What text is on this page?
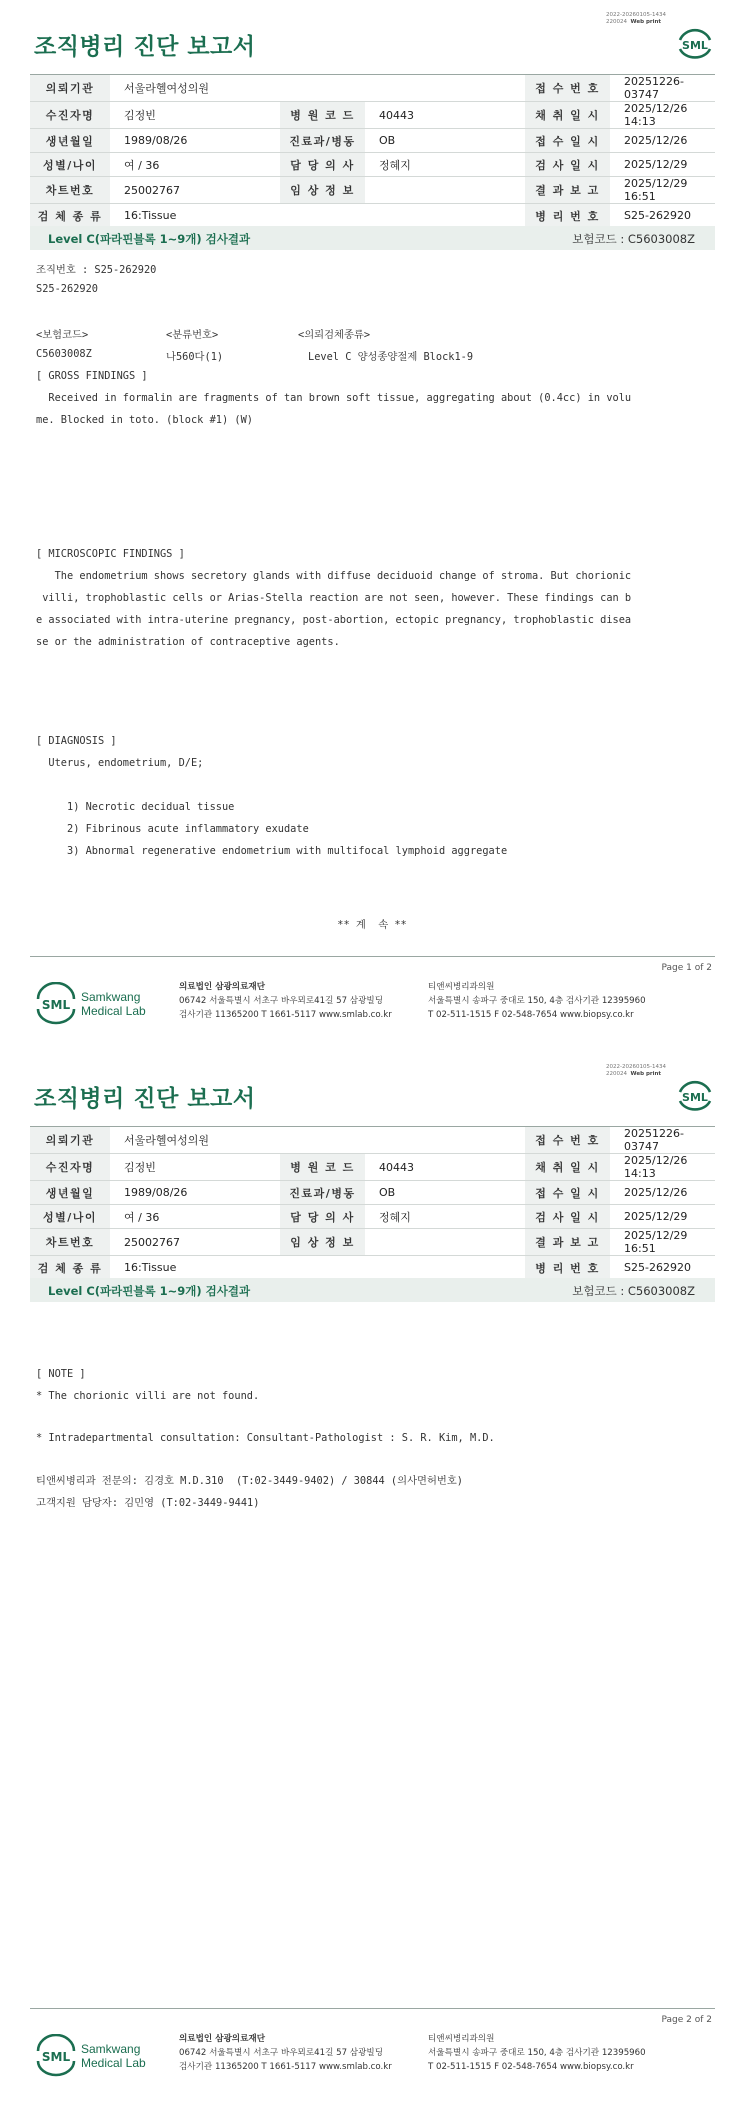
2022-20260105-1434
220024 Web print
조직병리 진단 보고서	SML
의뢰기관	서울라헬여성의원			접 수 번 호	20251226-03747
수진자명	김정빈	병 원 코 드	40443	채 취 일 시	2025/12/26 14:13
생년월일	1989/08/26	진료과/병동	OB	접 수 일 시	2025/12/26
성별/나이	여 / 36	담 당 의 사	정혜지	검 사 일 시	2025/12/29
차트번호	25002767	임 상 정 보		결 과 보 고	2025/12/29 16:51
검 체 종 류	16:Tissue			병 리 번 호	S25-262920
Level C(파라핀블록 1~9개) 검사결과	보험코드 : C5603008Z
조직번호 : S25-262920
S25-262920
<보험코드>	<분류번호>	<의뢰검체종류>
C5603008Z	나560다(1)	Level C 양성종양절제 Block1-9
[ GROSS FINDINGS ]
Received in formalin are fragments of tan brown soft tissue, aggregating about (0.4cc) in volu
me. Blocked in toto. (block #1) (W)
[ MICROSCOPIC FINDINGS ]
The endometrium shows secretory glands with diffuse deciduoid change of stroma. But chorionic
villi, trophoblastic cells or Arias-Stella reaction are not seen, however. These findings can b
e associated with intra-uterine pregnancy, post-abortion, ectopic pregnancy, trophoblastic disea
se or the administration of contraceptive agents.
[ DIAGNOSIS ]
Uterus, endometrium, D/E;
1) Necrotic decidual tissue
2) Fibrinous acute inflammatory exudate
3) Abnormal regenerative endometrium with multifocal lymphoid aggregate
** 계  속 **
Page 1 of 2
SML
Samkwang
Medical Lab
의료법인 삼광의료재단
06742 서울특별시 서초구 바우뫼로41길 57 삼광빌딩
검사기관 11365200 T 1661-5117 www.smlab.co.kr
티앤씨병리과의원
서울특별시 송파구 중대로 150, 4층 검사기관 12395960
T 02-511-1515 F 02-548-7654 www.biopsy.co.kr
2022-20260105-1434
220024 Web print
조직병리 진단 보고서	SML
의뢰기관	서울라헬여성의원			접 수 번 호	20251226-03747
수진자명	김정빈	병 원 코 드	40443	채 취 일 시	2025/12/26 14:13
생년월일	1989/08/26	진료과/병동	OB	접 수 일 시	2025/12/26
성별/나이	여 / 36	담 당 의 사	정혜지	검 사 일 시	2025/12/29
차트번호	25002767	임 상 정 보		결 과 보 고	2025/12/29 16:51
검 체 종 류	16:Tissue			병 리 번 호	S25-262920
Level C(파라핀블록 1~9개) 검사결과	보험코드 : C5603008Z
[ NOTE ]
* The chorionic villi are not found.
* Intradepartmental consultation: Consultant-Pathologist : S. R. Kim, M.D.
티앤씨병리과 전문의: 김경호 M.D.310  (T:02-3449-9402) / 30844 (의사면허번호)
고객지원 담당자: 김민영 (T:02-3449-9441)
Page 2 of 2
SML
Samkwang
Medical Lab
의료법인 삼광의료재단
06742 서울특별시 서초구 바우뫼로41길 57 삼광빌딩
검사기관 11365200 T 1661-5117 www.smlab.co.kr
티앤씨병리과의원
서울특별시 송파구 중대로 150, 4층 검사기관 12395960
T 02-511-1515 F 02-548-7654 www.biopsy.co.kr
